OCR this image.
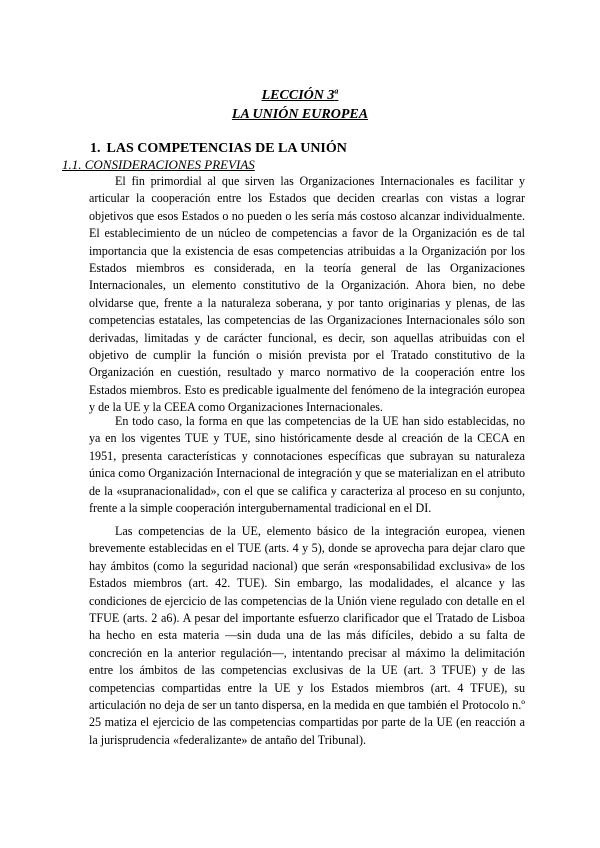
LECCIÓN 3$^a$

LA UNIÓN EUROPEA

1. LAS COMPETENCIAS DE LA UNIÓN

1.1. CONSIDERACIONES PREVIAS

El fin primordial al que sirven las Organizaciones Internacionales es facilitar y articular la cooperación entre los Estados que deciden crearlas con vistas a lograr objetivos que esos Estados o no pueden o les sería más costoso alcanzar individualmente. El establecimiento de un núcleo de competencias a favor de la Organización es de tal importancia que la existencia de esas competencias atribuidas a la Organización por los Estados miembros es considerada, en la teoría general de las Organizaciones Internacionales, un elemento constitutivo de la Organización. Ahora bien, no debe olvidarse que, frente a la naturaleza soberana, y por tanto originarias y plenas, de las competencias estatales, las competencias de las Organizaciones Internacionales sólo son derivadas, limitadas y de carácter funcional, es decir, son aquellas atribuidas con el objetivo de cumplir la función o misión prevista por el Tratado constitutivo de la Organización en cuestión, resultado y marco normativo de la cooperación entre los Estados miembros. Esto es predicable igualmente del fenómeno de la integración europea y de la UE y la CEEA como Organizaciones Internacionales.

En todo caso, la forma en que las competencias de la UE han sido establecidas, no ya en los vigentes TUE y TUE, sino históricamente desde al creación de la CECA en 1951, presenta características y connotaciones específicas que subrayan su naturaleza única como Organización Internacional de integración y que se materializan en el atributo de la «supranacionalidad», con el que se califica y caracteriza al proceso en su conjunto, frente a la simple cooperación intergubernamental tradicional en el DI.

Las competencias de la UE, elemento básico de la integración europea, vienen brevemente establecidas en el TUE (arts. 4 y 5), donde se aprovecha para dejar claro que hay ámbitos (como la seguridad nacional) que serán «responsabilidad exclusiva» de los Estados miembros (art. 42. TUE). Sin embargo, las modalidades, el alcance y las condiciones de ejercicio de las competencias de la Unión viene regulado con detalle en el TFUE (arts. 2 a6). A pesar del importante esfuerzo clarificador que el Tratado de Lisboa ha hecho en esta materia —sin duda una de las más difíciles, debido a su falta de concreción en la anterior regulación—, intentando precisar al máximo la delimitación entre los ámbitos de las competencias exclusivas de la UE (art. 3 TFUE) y de las competencias compartidas entre la UE y los Estados miembros (art. 4 TFUE), su articulación no deja de ser un tanto dispersa, en la medida en que también el Protocolo n.º 25 matiza el ejercicio de las competencias compartidas por parte de la UE (en reacción a la jurisprudencia «federalizante» de antaño del Tribunal).
